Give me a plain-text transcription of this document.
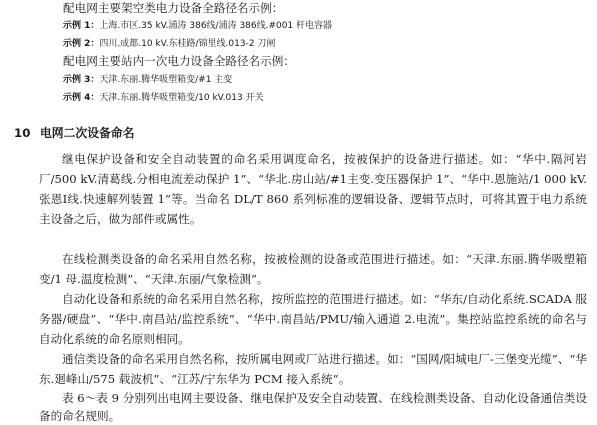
配电网主要架空类电力设备全路径名示例：
示例 1：上海.市区.35 kV.浦涛 386线/浦涛 386线.#001 杆电容器
示例 2：四川.成都.10 kV.东桂路/锦里线.013-2 刀闸
配电网主要站内一次电力设备全路径名示例：
示例 3：天津.东丽.腾华吸塑箱变/#1 主变
示例 4：天津.东丽.腾华吸塑箱变/10 kV.013 开关
10 电网二次设备命名

继电保护设备和安全自动装置的命名采用调度命名，按被保护的设备进行描述。如：“华中.隔河岩厂/500 kV.清葛线.分相电流差动保护 1”、“华北.房山站/#1主变.变压器保护 1”、“华中.恩施站/1 000 kV.张恩Ⅰ线.快速解列装置 1”等。当命名 DL/T 860 系列标准的逻辑设备、逻辑节点时，可将其置于电力系统主设备之后，做为部件或属性。

在线检测类设备的命名采用自然名称，按被检测的设备或范围进行描述。如：“天津.东丽.腾华吸塑箱变/1 母.温度检测”、“天津.东丽/气象检测”。

自动化设备和系统的命名采用自然名称，按所监控的范围进行描述。如：“华东/自动化系统.SCADA 服务器/硬盘”、“华中.南昌站/监控系统”、“华中.南昌站/PMU/输入通道 2.电流”。集控站监控系统的命名与自动化系统的命名原则相同。

通信类设备的命名采用自然名称，按所属电网或厂站进行描述。如：“国网/阳城电厂-三堡变光缆”、“华东.廻峰山/575 载波机”、“江苏/宁东华为 PCM 接入系统”。

表 6～表 9 分别列出电网主要设备、继电保护及安全自动装置、在线检测类设备、自动化设备通信类设备的命名规则。
